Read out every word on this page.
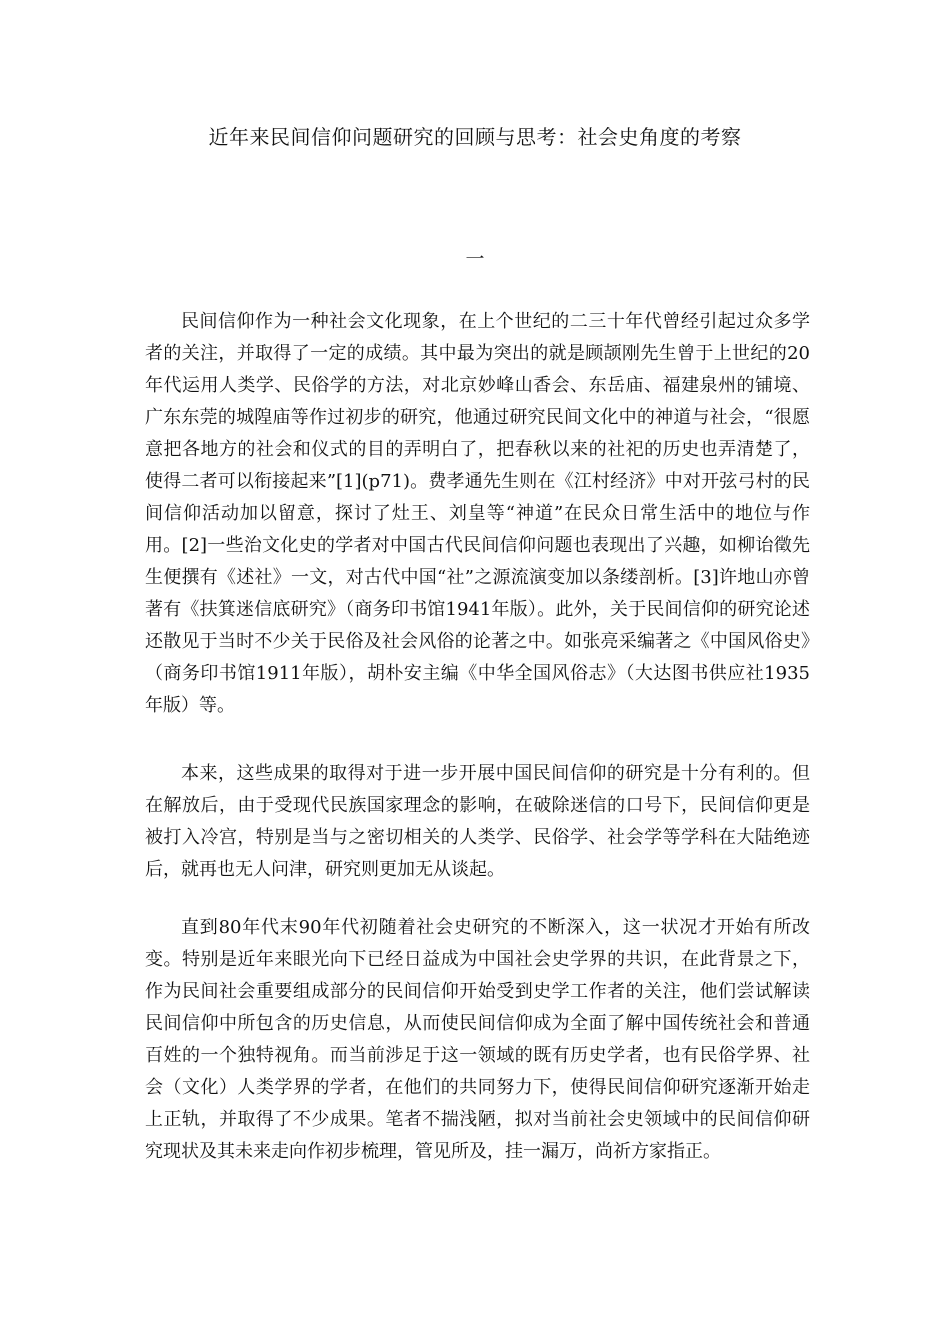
近年来民间信仰问题研究的回顾与思考：社会史角度的考察
一

民间信仰作为一种社会文化现象，在上个世纪的二三十年代曾经引起过众多学者的关注，并取得了一定的成绩。其中最为突出的就是顾颉刚先生曾于上世纪的20年代运用人类学、民俗学的方法，对北京妙峰山香会、东岳庙、福建泉州的铺境、广东东莞的城隍庙等作过初步的研究，他通过研究民间文化中的神道与社会，“很愿意把各地方的社会和仪式的目的弄明白了，把春秋以来的社祀的历史也弄清楚了，使得二者可以衔接起来”[1](p71)。费孝通先生则在《江村经济》中对开弦弓村的民间信仰活动加以留意，探讨了灶王、刘皇等“神道”在民众日常生活中的地位与作用。[2]一些治文化史的学者对中国古代民间信仰问题也表现出了兴趣，如柳诒徵先生便撰有《述社》一文，对古代中国“社”之源流演变加以条缕剖析。[3]许地山亦曾著有《扶箕迷信底研究》（商务印书馆1941年版）。此外，关于民间信仰的研究论述还散见于当时不少关于民俗及社会风俗的论著之中。如张亮采编著之《中国风俗史》（商务印书馆1911年版），胡朴安主编《中华全国风俗志》（大达图书供应社1935年版）等。

本来，这些成果的取得对于进一步开展中国民间信仰的研究是十分有利的。但在解放后，由于受现代民族国家理念的影响，在破除迷信的口号下，民间信仰更是被打入冷宫，特别是当与之密切相关的人类学、民俗学、社会学等学科在大陆绝迹后，就再也无人问津，研究则更加无从谈起。

直到80年代末90年代初随着社会史研究的不断深入，这一状况才开始有所改变。特别是近年来眼光向下已经日益成为中国社会史学界的共识，在此背景之下，作为民间社会重要组成部分的民间信仰开始受到史学工作者的关注，他们尝试解读民间信仰中所包含的历史信息，从而使民间信仰成为全面了解中国传统社会和普通百姓的一个独特视角。而当前涉足于这一领域的既有历史学者，也有民俗学界、社会（文化）人类学界的学者，在他们的共同努力下，使得民间信仰研究逐渐开始走上正轨，并取得了不少成果。笔者不揣浅陋，拟对当前社会史领域中的民间信仰研究现状及其未来走向作初步梳理，管见所及，挂一漏万，尚祈方家指正。
